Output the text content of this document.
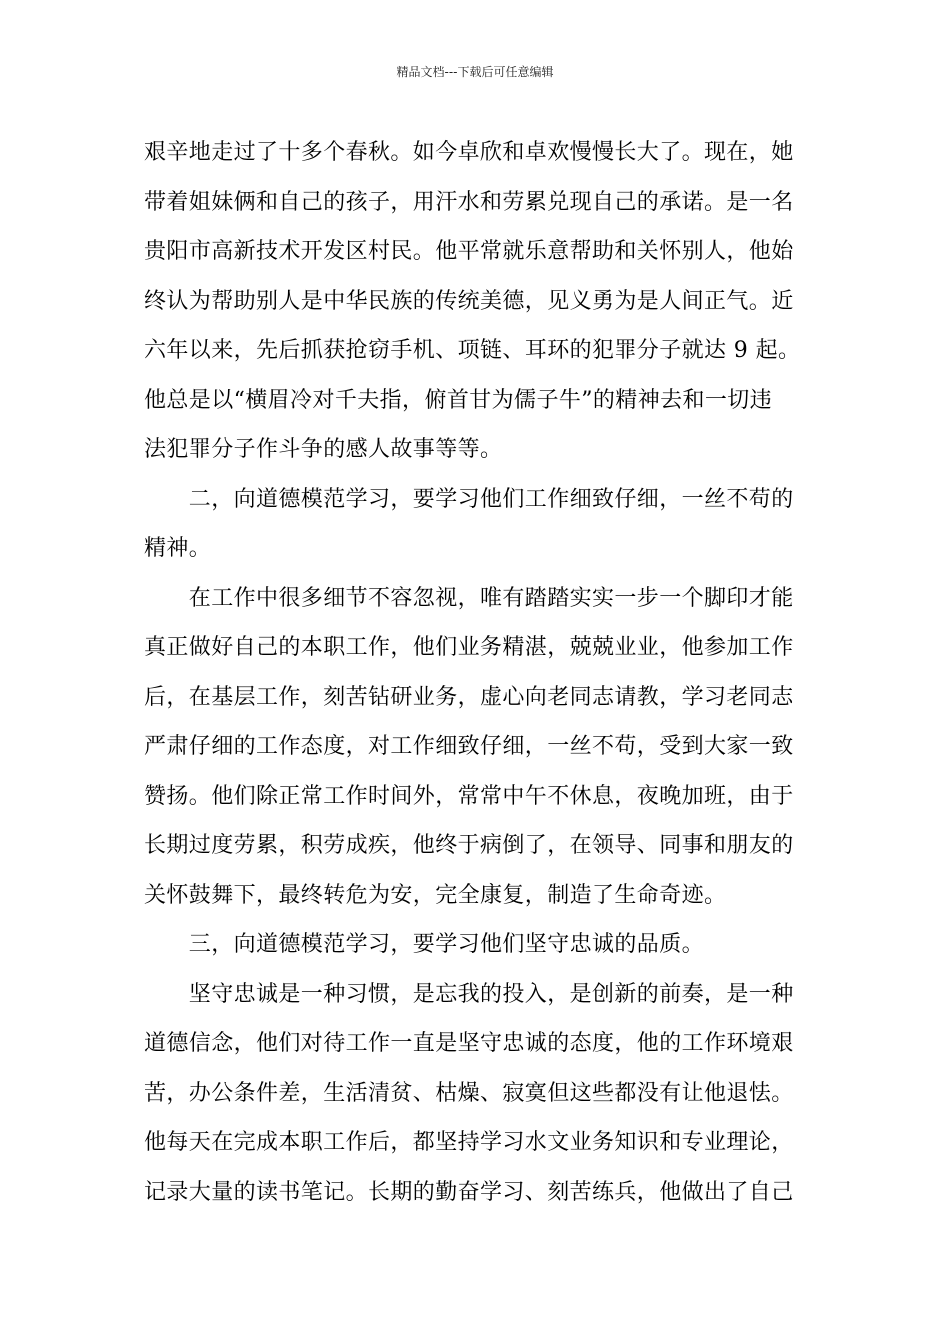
精品文档---下载后可任意编辑
艰辛地走过了十多个春秋。如今卓欣和卓欢慢慢长大了。现在，她
带着姐妹俩和自己的孩子，用汗水和劳累兑现自己的承诺。是一名
贵阳市高新技术开发区村民。他平常就乐意帮助和关怀别人，他始
终认为帮助别人是中华民族的传统美德，见义勇为是人间正气。近
六年以来，先后抓获抢窃手机、项链、耳环的犯罪分子就达 9 起。
他总是以“横眉冷对千夫指，俯首甘为儒子牛”的精神去和一切违
法犯罪分子作斗争的感人故事等等。
　　二，向道德模范学习，要学习他们工作细致仔细，一丝不苟的
精神。
　　在工作中很多细节不容忽视，唯有踏踏实实一步一个脚印才能
真正做好自己的本职工作，他们业务精湛，兢兢业业，他参加工作
后，在基层工作，刻苦钻研业务，虚心向老同志请教，学习老同志
严肃仔细的工作态度，对工作细致仔细，一丝不苟，受到大家一致
赞扬。他们除正常工作时间外，常常中午不休息，夜晚加班，由于
长期过度劳累，积劳成疾，他终于病倒了，在领导、同事和朋友的
关怀鼓舞下，最终转危为安，完全康复，制造了生命奇迹。
　　三，向道德模范学习，要学习他们坚守忠诚的品质。
　　坚守忠诚是一种习惯，是忘我的投入，是创新的前奏，是一种
道德信念，他们对待工作一直是坚守忠诚的态度，他的工作环境艰
苦，办公条件差，生活清贫、枯燥、寂寞但这些都没有让他退怯。
他每天在完成本职工作后，都坚持学习水文业务知识和专业理论，
记录大量的读书笔记。长期的勤奋学习、刻苦练兵，他做出了自己
